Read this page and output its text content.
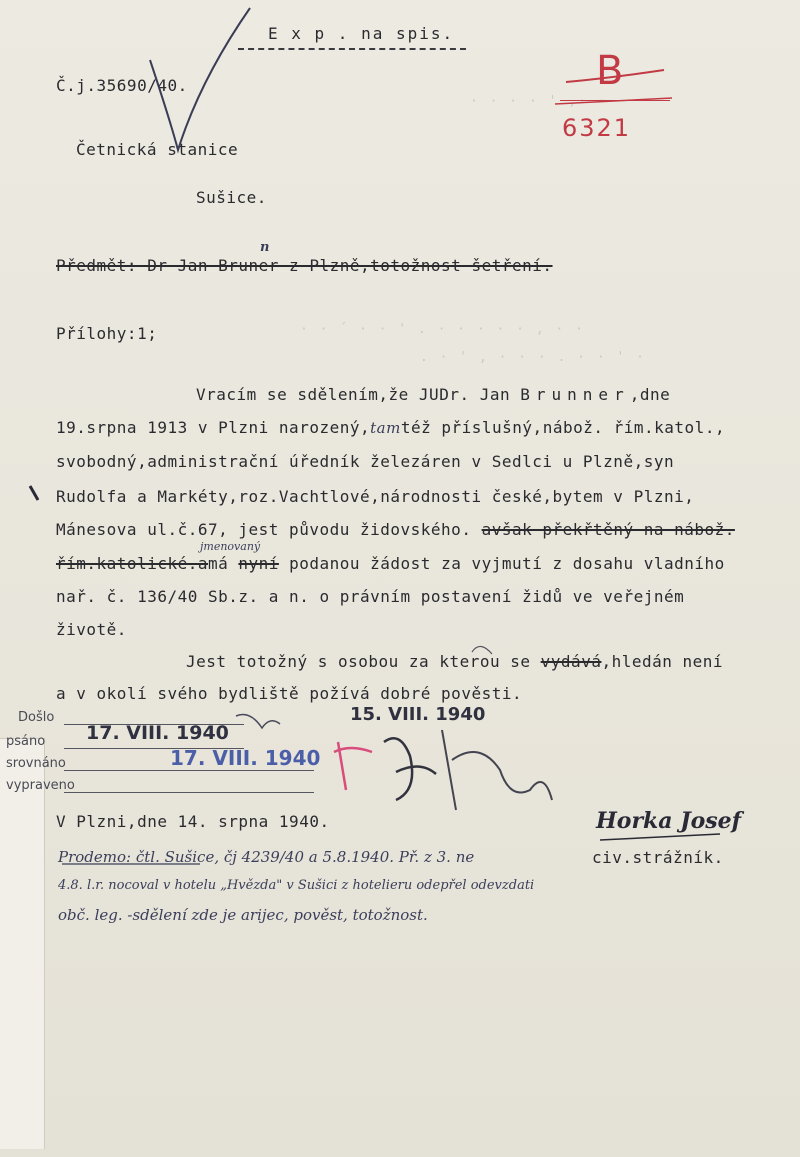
· · ´ · · ' . · · · · · , · ·
. · ' , · · · . · · ' ·
· · · · ' ,· ·
E x p . na spis.
Č.j.35690/40.
Četnická stanice
Sušice.
Předmět: Dr Jan Bruner z Plzně,totožnost-šetření.
n
Přílohy:1;
B
6321
Vracím se sdělením,že JUDr. Jan Brunner,dne
19.srpna 1913 v Plzni narozený,tamtéž příslušný,nábož. řím.katol.,
svobodný,administrační úředník železáren v Sedlci u Plzně,syn
Rudolfa a Markéty,roz.Vachtlové,národnosti české,bytem v Plzni,
Mánesova ul.č.67, jest původu židovského. avšak překřtěný na nábož.
jmenovaný
řím.katolické.amá nyní podanou žádost za vyjmutí z dosahu vladního
nař. č. 136/40 Sb.z. a n. o právním postavení židů ve veřejném
životě.
Jest totožný s osobou za kterou se vydává,hledán není
a v okolí svého bydliště požívá dobré pověsti.
Došlo
psáno
srovnáno
vypraveno
15. VIII. 1940
17. VIII. 1940
17. VIII. 1940
V Plzni,dne 14. srpna 1940.
civ.strážník.
Horka Josef
Prodemo: čtl. Sušice, čj 4239/40 a 5.8.1940. Př. z 3. ne
4.8. l.r. nocoval v hotelu „Hvězda" v Sušici z hotelieru odepřel odevzdati
obč. leg. -sdělení zde je arijec, pověst, totožnost.
